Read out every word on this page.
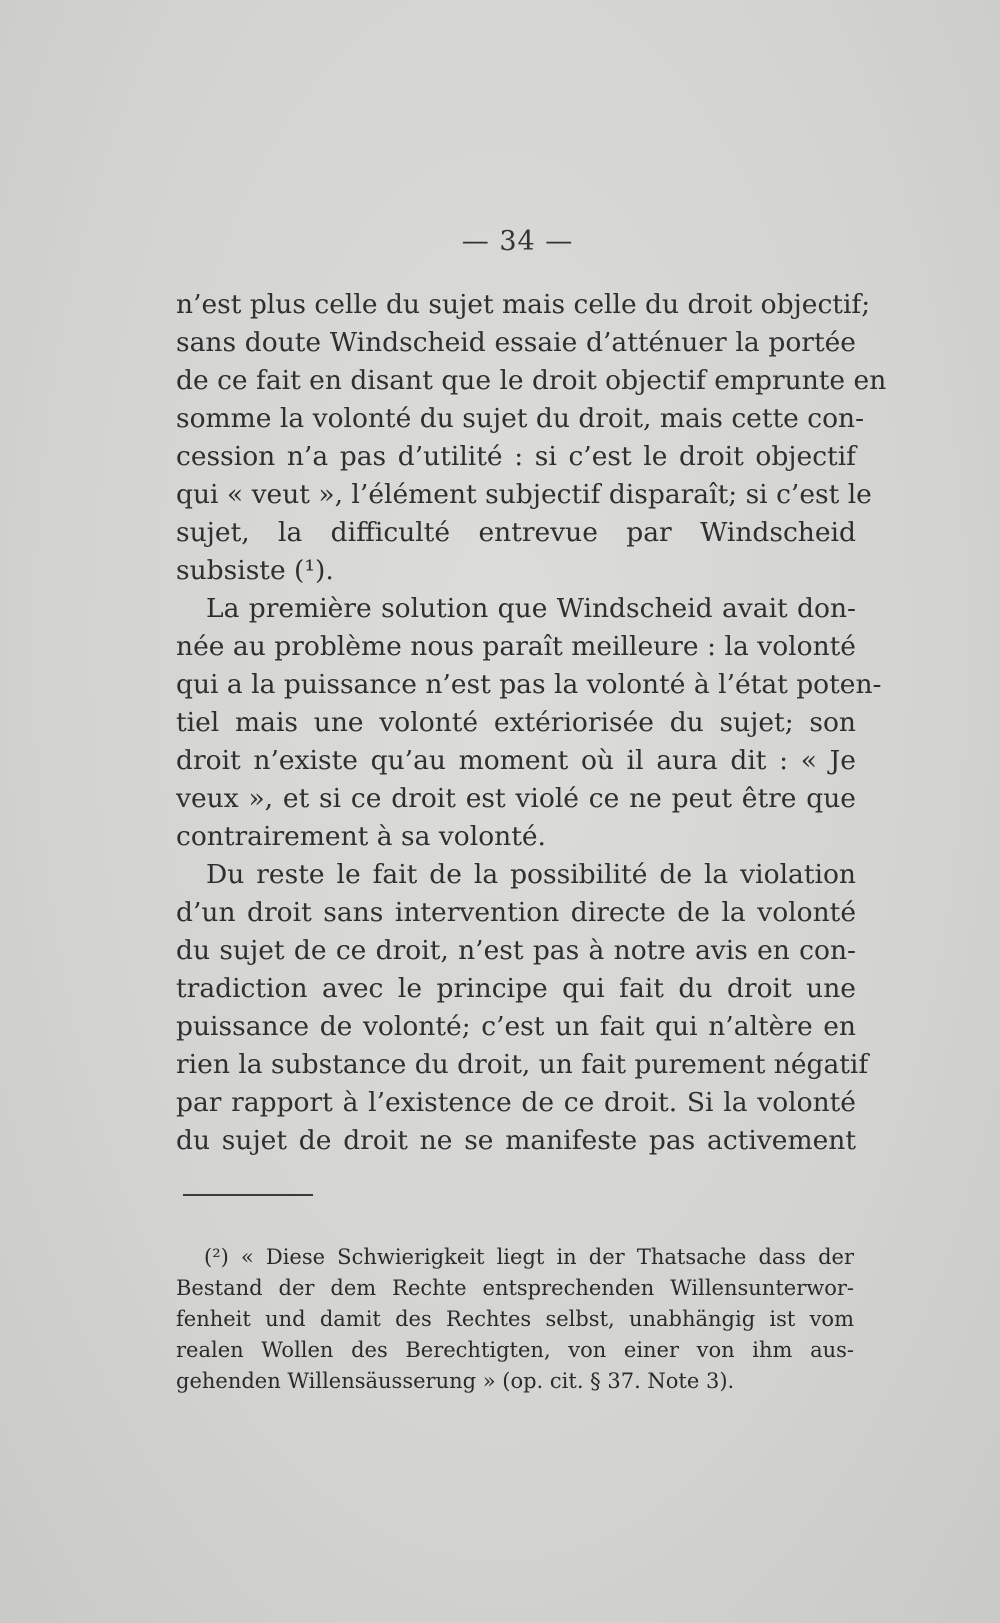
— 34 —
n’est plus celle du sujet mais celle du droit objectif;
sans doute Windscheid essaie d’atténuer la portée
de ce fait en disant que le droit objectif emprunte en
somme la volonté du sujet du droit, mais cette con-
cession n’a pas d’utilité : si c’est le droit objectif
qui « veut », l’élément subjectif disparaît; si c’est le
sujet, la difficulté entrevue par Windscheid
subsiste (¹).
La première solution que Windscheid avait don-
née au problème nous paraît meilleure : la volonté
qui a la puissance n’est pas la volonté à l’état poten-
tiel mais une volonté extériorisée du sujet; son
droit n’existe qu’au moment où il aura dit : « Je
veux », et si ce droit est violé ce ne peut être que
contrairement à sa volonté.
Du reste le fait de la possibilité de la violation
d’un droit sans intervention directe de la volonté
du sujet de ce droit, n’est pas à notre avis en con-
tradiction avec le principe qui fait du droit une
puissance de volonté; c’est un fait qui n’altère en
rien la substance du droit, un fait purement négatif
par rapport à l’existence de ce droit. Si la volonté
du sujet de droit ne se manifeste pas activement
(²) « Diese Schwierigkeit liegt in der Thatsache dass der
Bestand der dem Rechte entsprechenden Willensunterwor-
fenheit und damit des Rechtes selbst, unabhängig ist vom
realen Wollen des Berechtigten, von einer von ihm aus-
gehenden Willensäusserung » (op. cit. § 37. Note 3).
